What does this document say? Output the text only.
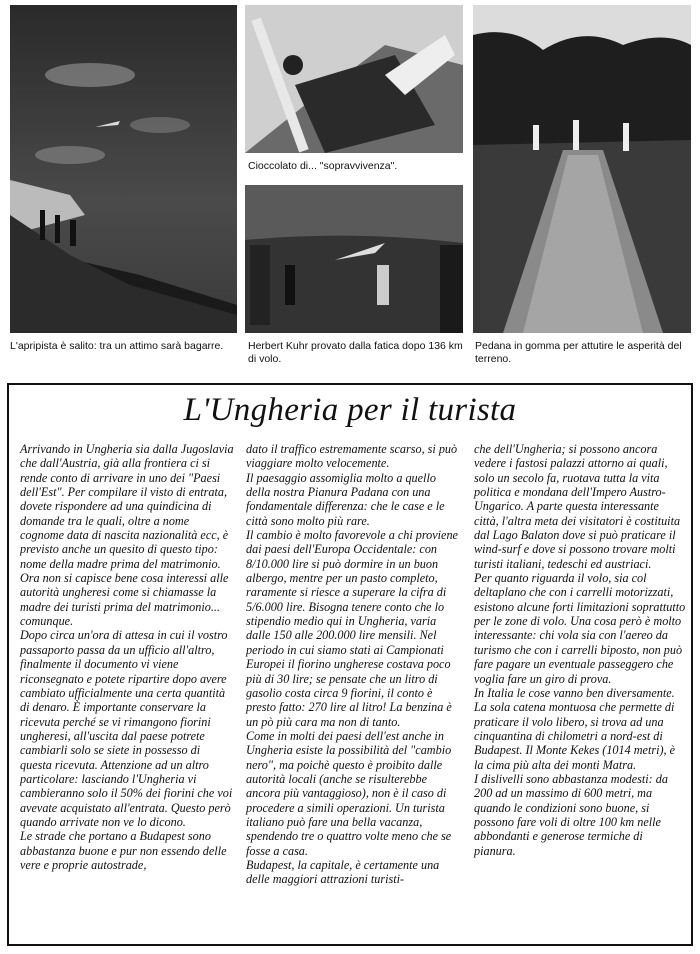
L'apripista è salito: tra un attimo sarà bagarre.
Cioccolato di... "sopravvivenza".
Herbert Kuhr provato dalla fatica dopo 136 km di volo.
Pedana in gomma per attutire le asperità del terreno.
L'Ungheria per il turista

Arrivando in Ungheria sia dalla Jugoslavia che dall'Austria, già alla frontiera ci si rende conto di arrivare in uno dei "Paesi dell'Est". Per compilare il visto di entrata, dovete rispondere ad una quindicina di domande tra le quali, oltre a nome cognome data di nascita nazionalità ecc, è previsto anche un quesito di questo tipo: nome della madre prima del matrimonio. Ora non si capisce bene cosa interessi alle autorità ungheresi come si chiamasse la madre dei turisti prima del matrimonio... comunque.

Dopo circa un'ora di attesa in cui il vostro passaporto passa da un ufficio all'altro, finalmente il documento vi viene riconsegnato e potete ripartire dopo avere cambiato ufficialmente una certa quantità di denaro. È importante conservare la ricevuta perché se vi rimangono fiorini ungheresi, all'uscita dal paese potrete cambiarli solo se siete in possesso di questa ricevuta. Attenzione ad un altro particolare: lasciando l'Ungheria vi cambieranno solo il 50% dei fiorini che voi avevate acquistato all'entrata. Questo però quando arrivate non ve lo dicono.

Le strade che portano a Budapest sono abbastanza buone e pur non essendo delle vere e proprie autostrade,

dato il traffico estremamente scarso, si può viaggiare molto velocemente.

Il paesaggio assomiglia molto a quello della nostra Pianura Padana con una fondamentale differenza: che le case e le città sono molto più rare.

Il cambio è molto favorevole a chi proviene dai paesi dell'Europa Occidentale: con 8/10.000 lire si può dormire in un buon albergo, mentre per un pasto completo, raramente si riesce a superare la cifra di 5/6.000 lire. Bisogna tenere conto che lo stipendio medio qui in Ungheria, varia dalle 150 alle 200.000 lire mensili. Nel periodo in cui siamo stati ai Campionati Europei il fiorino ungherese costava poco più di 30 lire; se pensate che un litro di gasolio costa circa 9 fiorini, il conto è presto fatto: 270 lire al litro! La benzina è un pò più cara ma non di tanto.

Come in molti dei paesi dell'est anche in Ungheria esiste la possibilità del "cambio nero", ma poichè questo è proibito dalle autorità locali (anche se risulterebbe ancora più vantaggioso), non è il caso di procedere a simili operazioni. Un turista italiano può fare una bella vacanza, spendendo tre o quattro volte meno che se fosse a casa.

Budapest, la capitale, è certamente una delle maggiori attrazioni turisti-

che dell'Ungheria; si possono ancora vedere i fastosi palazzi attorno ai quali, solo un secolo fa, ruotava tutta la vita politica e mondana dell'Impero Austro-Ungarico. A parte questa interessante città, l'altra meta dei visitatori è costituita dal Lago Balaton dove si può praticare il wind-surf e dove si possono trovare molti turisti italiani, tedeschi ed austriaci.

Per quanto riguarda il volo, sia col deltaplano che con i carrelli motorizzati, esistono alcune forti limitazioni soprattutto per le zone di volo. Una cosa però è molto interessante: chi vola sia con l'aereo da turismo che con i carrelli biposto, non può fare pagare un eventuale passeggero che voglia fare un giro di prova.

In Italia le cose vanno ben diversamente.

La sola catena montuosa che permette di praticare il volo libero, si trova ad una cinquantina di chilometri a nord-est di Budapest. Il Monte Kekes (1014 metri), è la cima più alta dei monti Matra.

I dislivelli sono abbastanza modesti: da 200 ad un massimo di 600 metri, ma quando le condizioni sono buone, si possono fare voli di oltre 100 km nelle abbondanti e generose termiche di pianura.
